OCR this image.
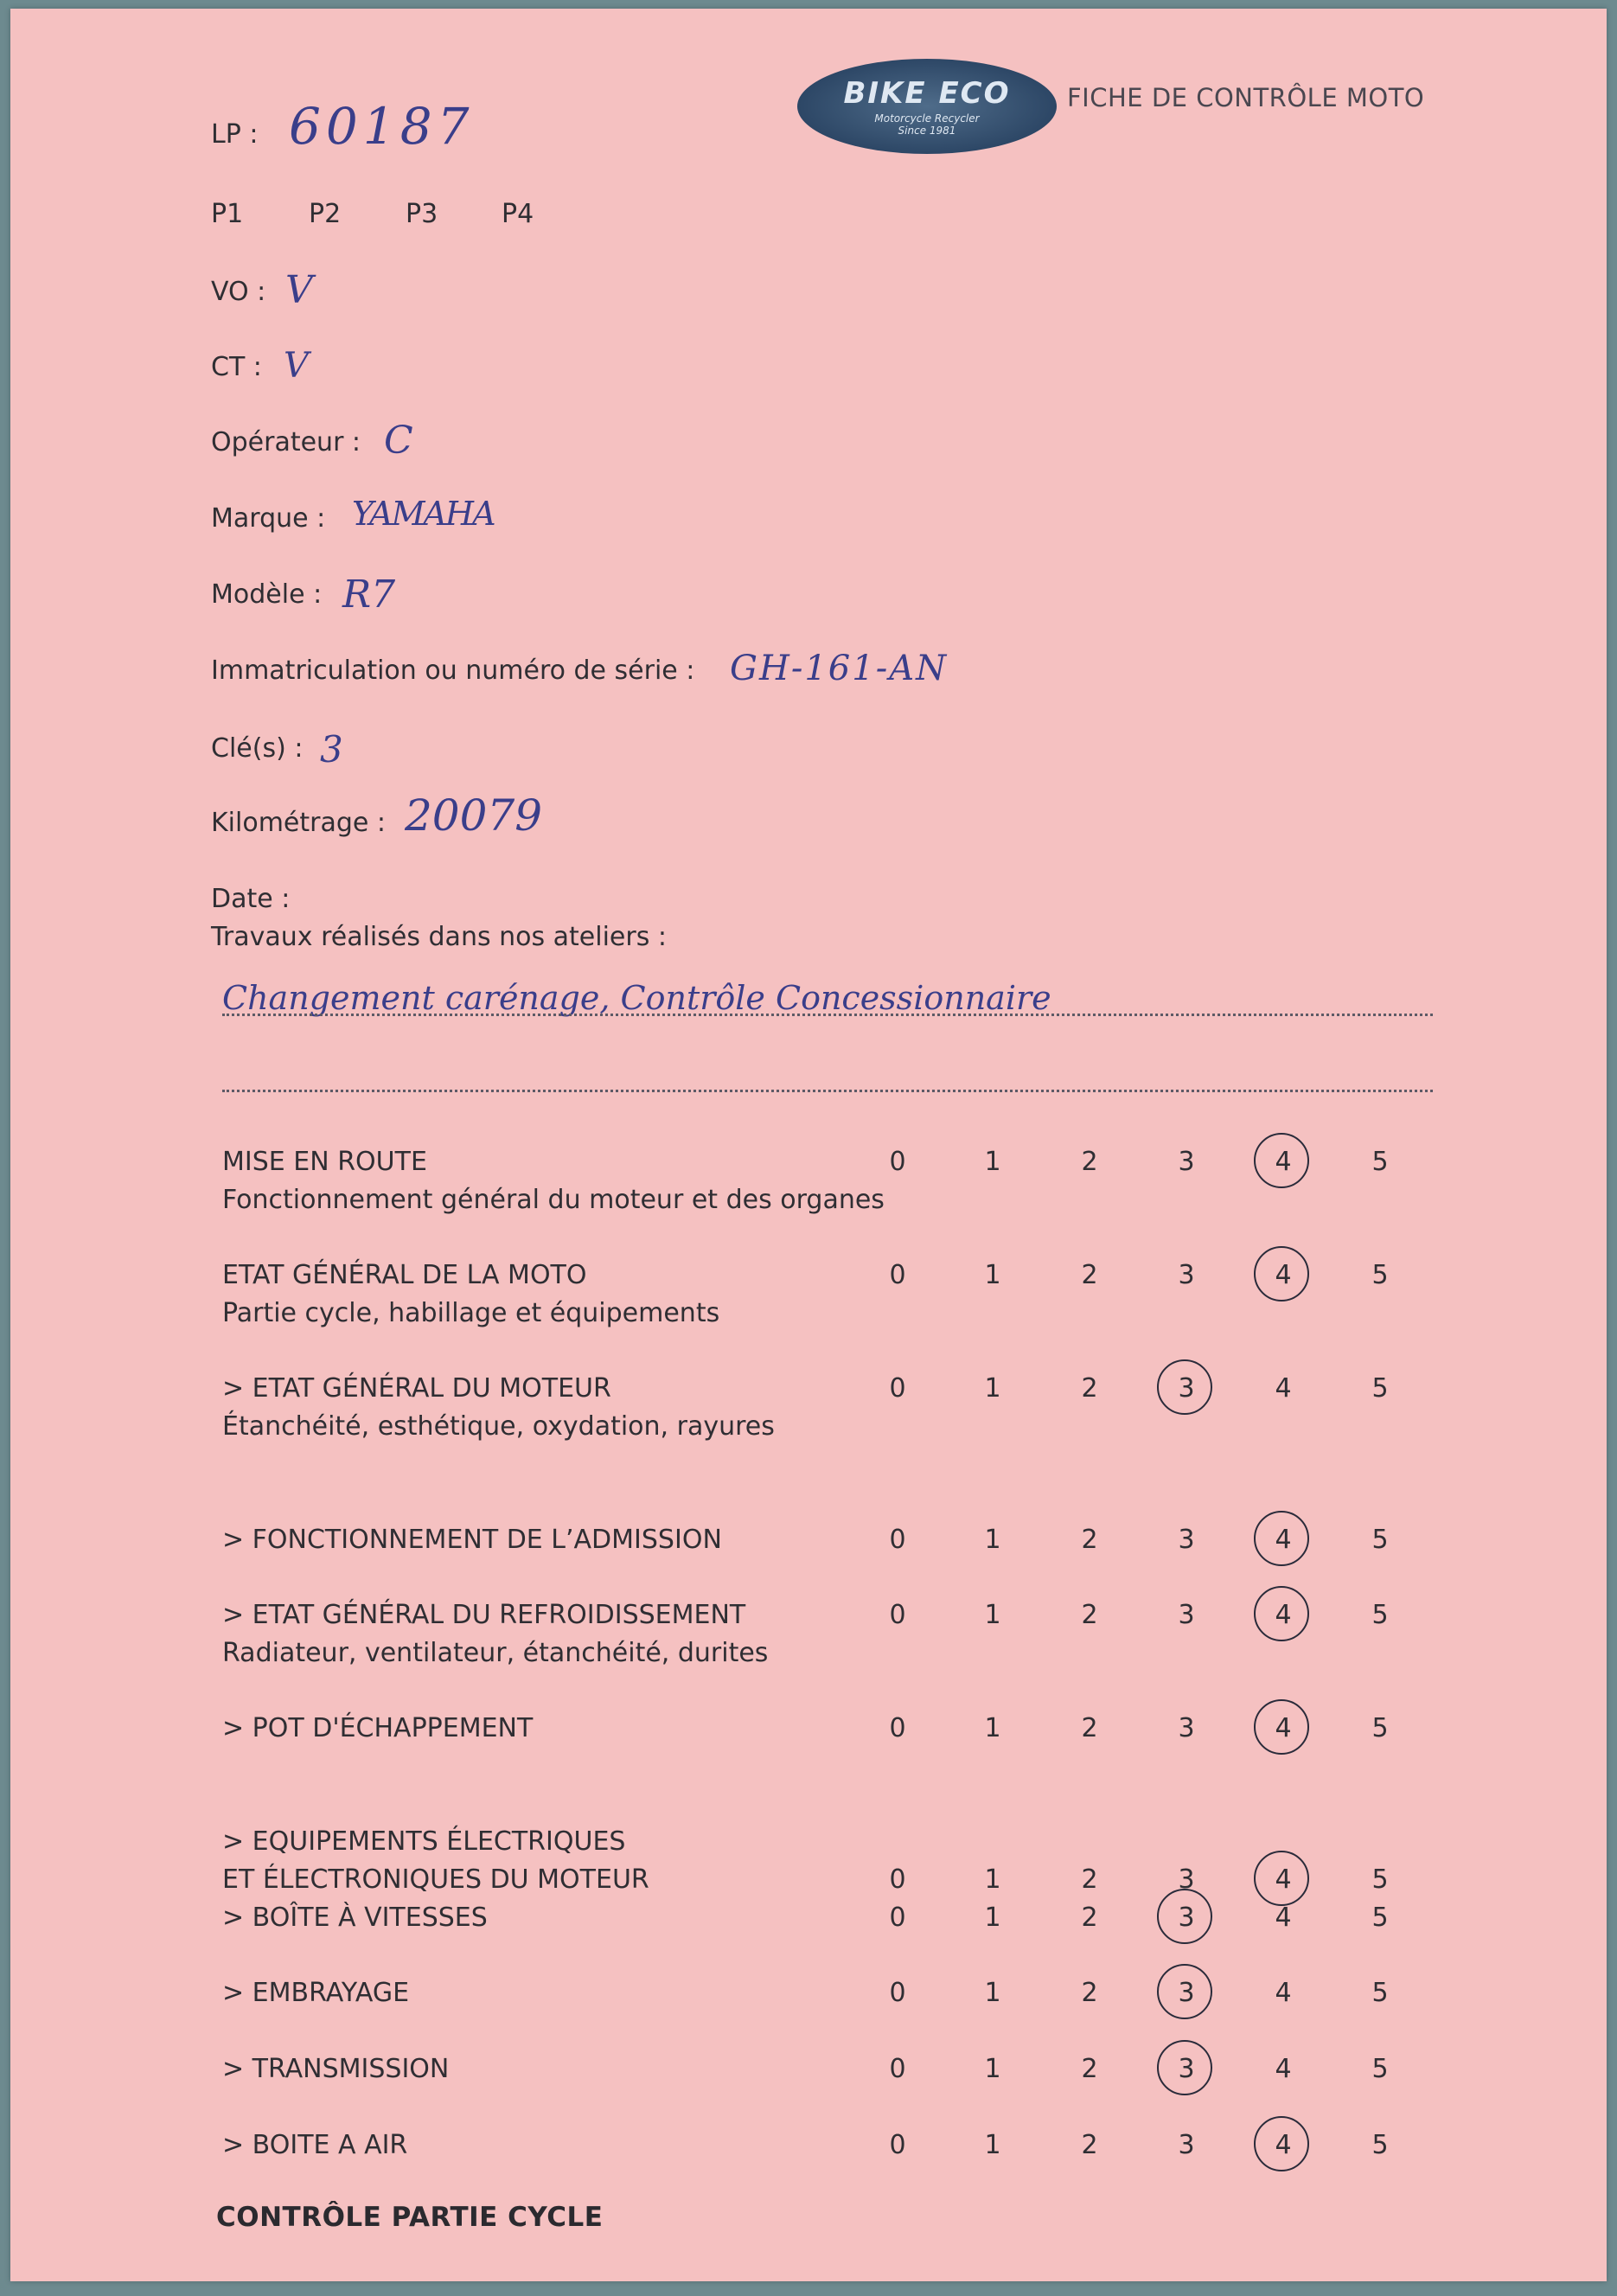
BIKE ECO
Motorcycle Recycler
Since 1981
FICHE DE CONTRÔLE MOTO
LP : 60187
P1	P2 P3 P4
VO : V
CT : V
Opérateur : C
Marque : YAMAHA
Modèle : R7
Immatriculation ou numéro de série : GH-161-AN
Clé(s) : 3
Kilométrage : 20079
Date :
Travaux réalisés dans nos ateliers :
Changement carénage, Contrôle Concessionnaire
MISE EN ROUTE
Fonctionnement général du moteur et des organes
0	1	2	3	4	5
ETAT GÉNÉRAL DE LA MOTO
Partie cycle, habillage et équipements
0	1	2	3	4	5
> ETAT GÉNÉRAL DU MOTEUR
Étanchéité, esthétique, oxydation, rayures
0	1	2	3	4	5
> FONCTIONNEMENT DE L’ADMISSION	0	1	2	3	4	5
> ETAT GÉNÉRAL DU REFROIDISSEMENT
Radiateur, ventilateur, étanchéité, durites
0	1	2	3	4	5
> POT D'ÉCHAPPEMENT	0	1	2	3	4	5
> EQUIPEMENTS ÉLECTRIQUES
ET ÉLECTRONIQUES DU MOTEUR	0	1	2	3	4	5
> BOÎTE À VITESSES	0	1	2	3	4	5
> EMBRAYAGE	0	1	2	3	4	5
> TRANSMISSION	0	1	2	3	4	5
> BOITE A AIR	0	1	2	3	4	5
CONTRÔLE PARTIE CYCLE
